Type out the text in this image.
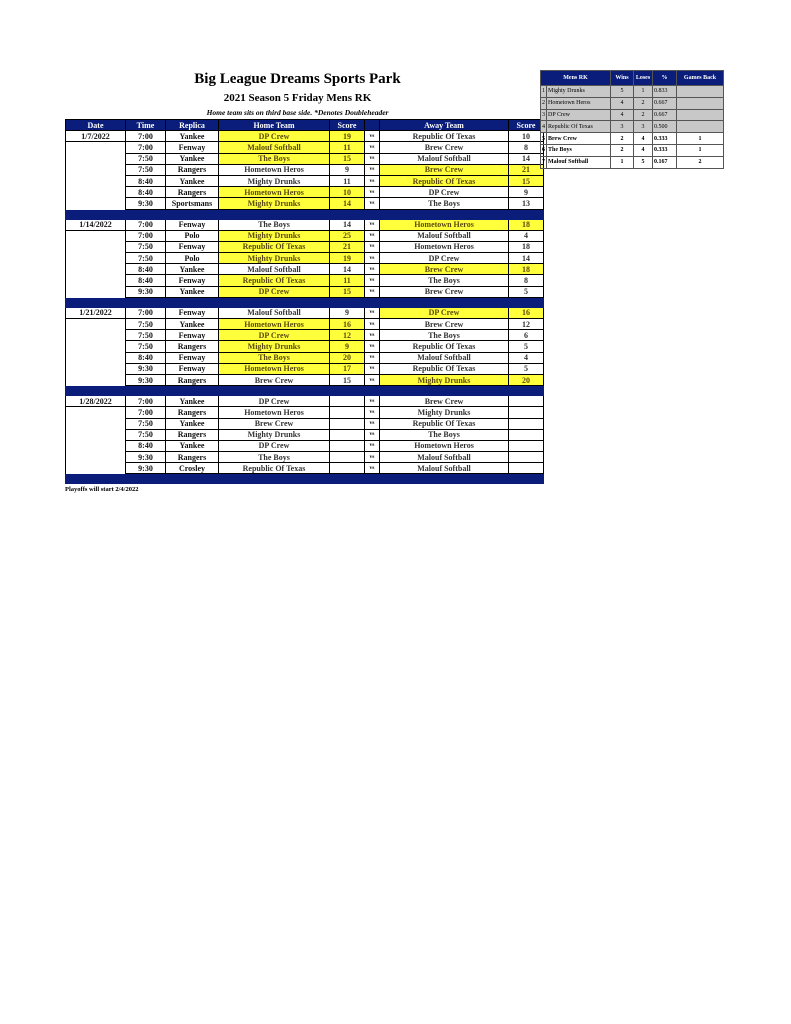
Big League Dreams Sports Park
2021 Season 5 Friday Mens RK
Home team sits on third base side. *Denotes Doubleheader
Date	Time	Replica	Home Team	Score		Away Team	Score
1/7/2022	7:00	Yankee	DP Crew	19	vs	Republic Of Texas	10
	7:00	Fenway	Malouf Softball	11	vs	Brew Crew	8
	7:50	Yankee	The Boys	15	vs	Malouf Softball	14
	7:50	Rangers	Hometown Heros	9	vs	Brew Crew	21
	8:40	Yankee	Mighty Drunks	11	vs	Republic Of Texas	15
	8:40	Rangers	Hometown Heros	10	vs	DP Crew	9
	9:30	Sportsmans	Mighty Drunks	14	vs	The Boys	13

1/14/2022	7:00	Fenway	The Boys	14	vs	Hometown Heros	18
	7:00	Polo	Mighty Drunks	25	vs	Malouf Softball	4
	7:50	Fenway	Republic Of Texas	21	vs	Hometown Heros	18
	7:50	Polo	Mighty Drunks	19	vs	DP Crew	14
	8:40	Yankee	Malouf Softball	14	vs	Brew Crew	18
	8:40	Fenway	Republic Of Texas	11	vs	The Boys	8
	9:30	Yankee	DP Crew	15	vs	Brew Crew	5

1/21/2022	7:00	Fenway	Malouf Softball	9	vs	DP Crew	16
	7:50	Yankee	Hometown Heros	16	vs	Brew Crew	12
	7:50	Fenway	DP Crew	12	vs	The Boys	6
	7:50	Rangers	Mighty Drunks	9	vs	Republic Of Texas	5
	8:40	Fenway	The Boys	20	vs	Malouf Softball	4
	9:30	Fenway	Hometown Heros	17	vs	Republic Of Texas	5
	9:30	Rangers	Brew Crew	15	vs	Mighty Drunks	20

1/28/2022	7:00	Yankee	DP Crew		vs	Brew Crew	
	7:00	Rangers	Hometown Heros		vs	Mighty Drunks	
	7:50	Yankee	Brew Crew		vs	Republic Of Texas	
	7:50	Rangers	Mighty Drunks		vs	The Boys	
	8:40	Yankee	DP Crew		vs	Hometown Heros	
	9:30	Rangers	The Boys		vs	Malouf Softball	
	9:30	Crosley	Republic Of Texas		vs	Malouf Softball	

Mens RK		Wins	Loses	%	Games Back
1	Mighty Drunks	5	1	0.833	
2	Hometown Heros	4	2	0.667	
3	DP Crew	4	2	0.667	
4	Republic Of Texas	3	3	0.500	
5	Brew Crew	2	4	0.333	1
6	The Boys	2	4	0.333	1
7	Malouf Softball	1	5	0.167	2
Playoffs will start 2/4/2022
